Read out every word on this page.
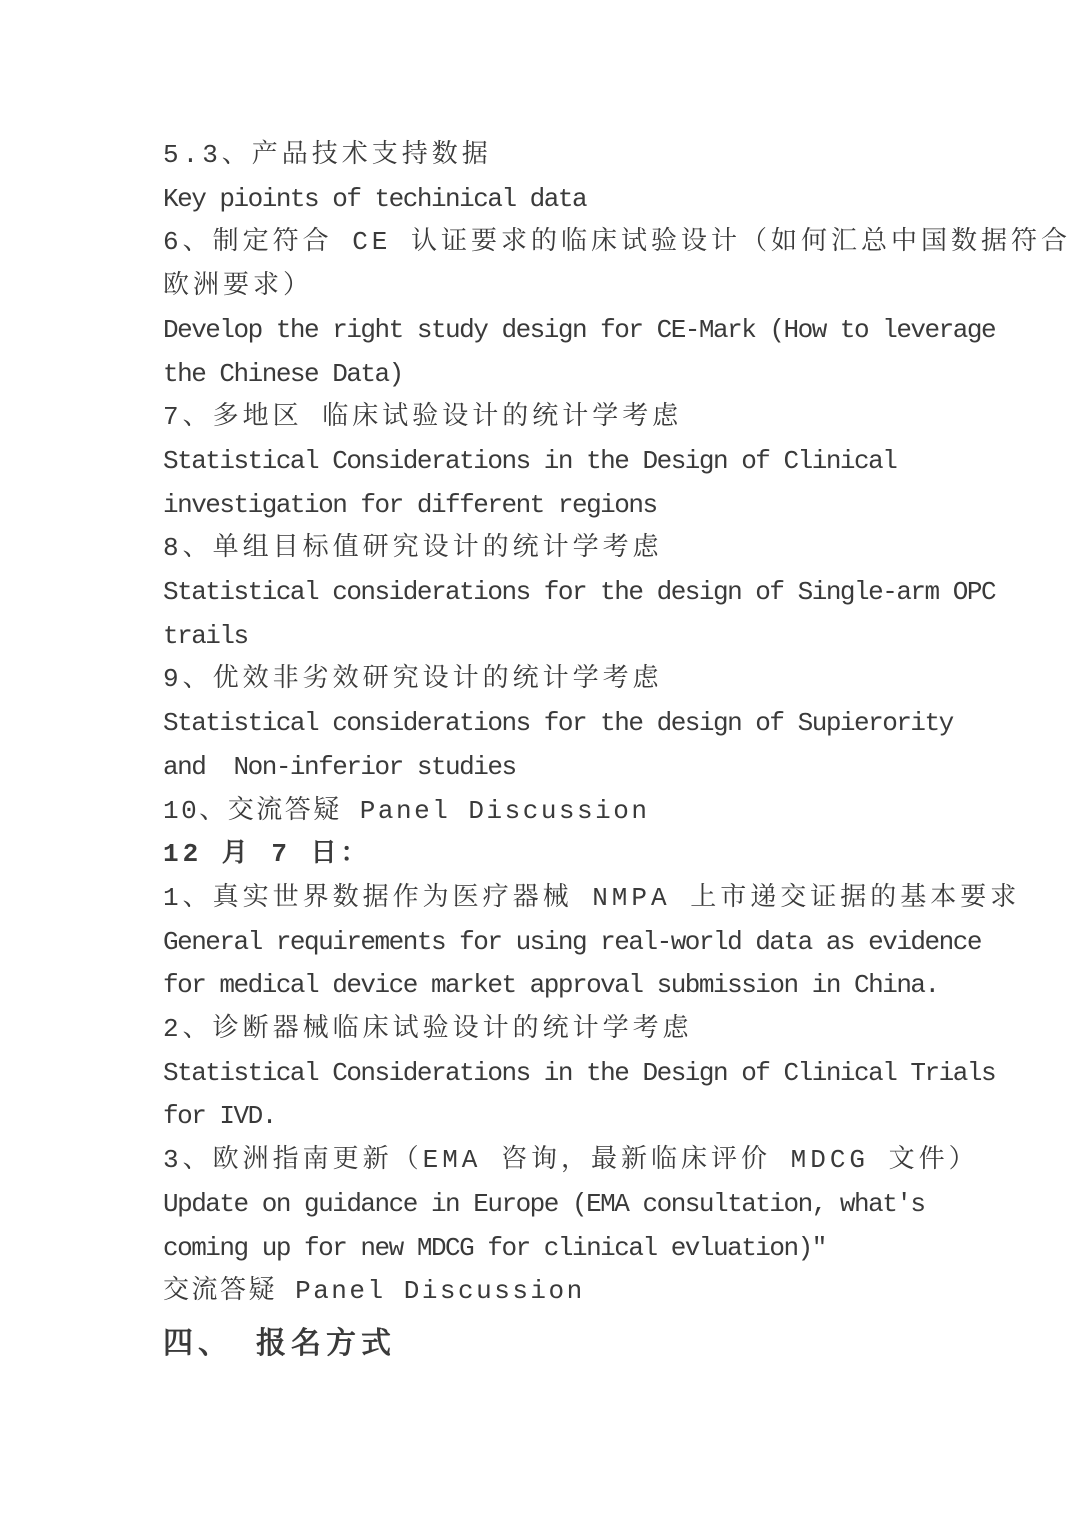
5.3、产品技术支持数据
Key pioints of techinical data
6、制定符合 CE 认证要求的临床试验设计（如何汇总中国数据符合
欧洲要求）
Develop the right study design for CE-Mark (How to leverage
the Chinese Data)
7、多地区 临床试验设计的统计学考虑
Statistical Considerations in the Design of Clinical
investigation for different regions
8、单组目标值研究设计的统计学考虑
Statistical considerations for the design of Single-arm OPC
trails
9、优效非劣效研究设计的统计学考虑
Statistical considerations for the design of Supierority
and  Non-inferior studies
10、交流答疑 Panel Discussion
12 月 7 日：
1、真实世界数据作为医疗器械 NMPA 上市递交证据的基本要求
General requirements for using real-world data as evidence
for medical device market approval submission in China.
2、诊断器械临床试验设计的统计学考虑
Statistical Considerations in the Design of Clinical Trials
for IVD.
3、欧洲指南更新（EMA 咨询，最新临床评价 MDCG 文件）
Update on guidance in Europe (EMA consultation, what's
coming up for new MDCG for clinical evluation)"
交流答疑 Panel Discussion
四、 报名方式
